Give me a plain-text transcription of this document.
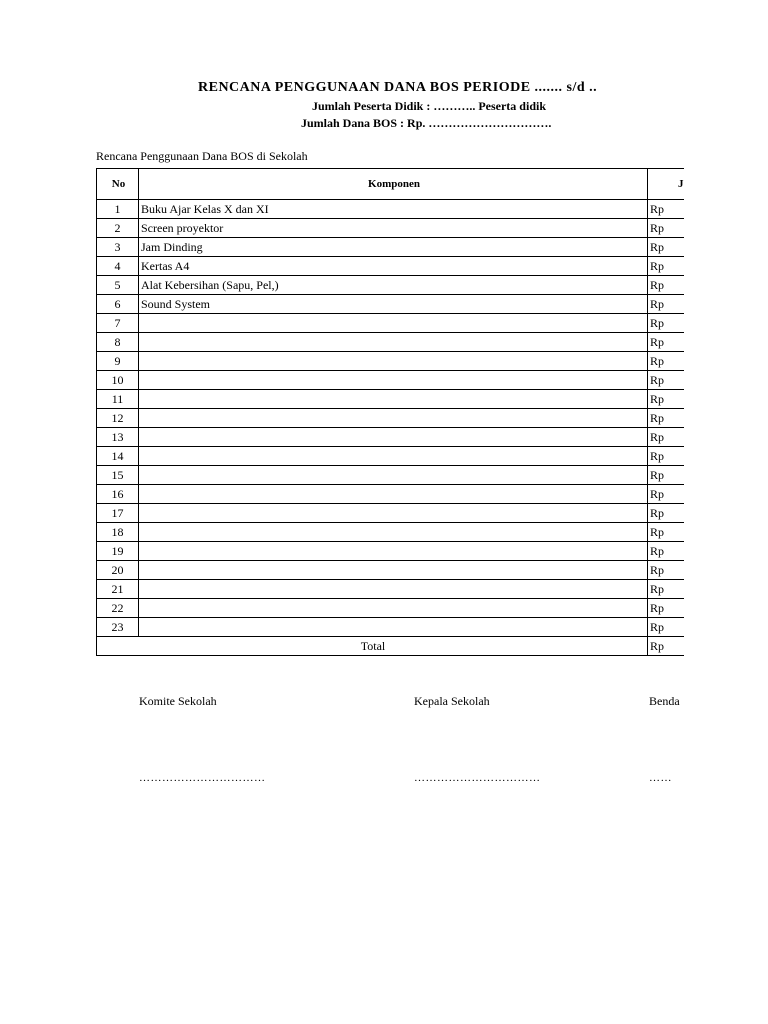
RENCANA PENGGUNAAN DANA BOS PERIODE ....... s/d ..
Jumlah Peserta Didik : ……….. Peserta didik
Jumlah Dana BOS : Rp. ………………………….
Rencana Penggunaan Dana BOS di Sekolah
No	Komponen	J
1	Buku Ajar Kelas X dan XI	Rp
2	Screen proyektor	Rp
3	Jam Dinding	Rp
4	Kertas A4	Rp
5	Alat Kebersihan (Sapu, Pel,)	Rp
6	Sound System	Rp
7		Rp
8		Rp
9		Rp
10		Rp
11		Rp
12		Rp
13		Rp
14		Rp
15		Rp
16		Rp
17		Rp
18		Rp
19		Rp
20		Rp
21		Rp
22		Rp
23		Rp
Total		Rp
Komite Sekolah	Kepala Sekolah	Benda
……………………………	……………………………	……
